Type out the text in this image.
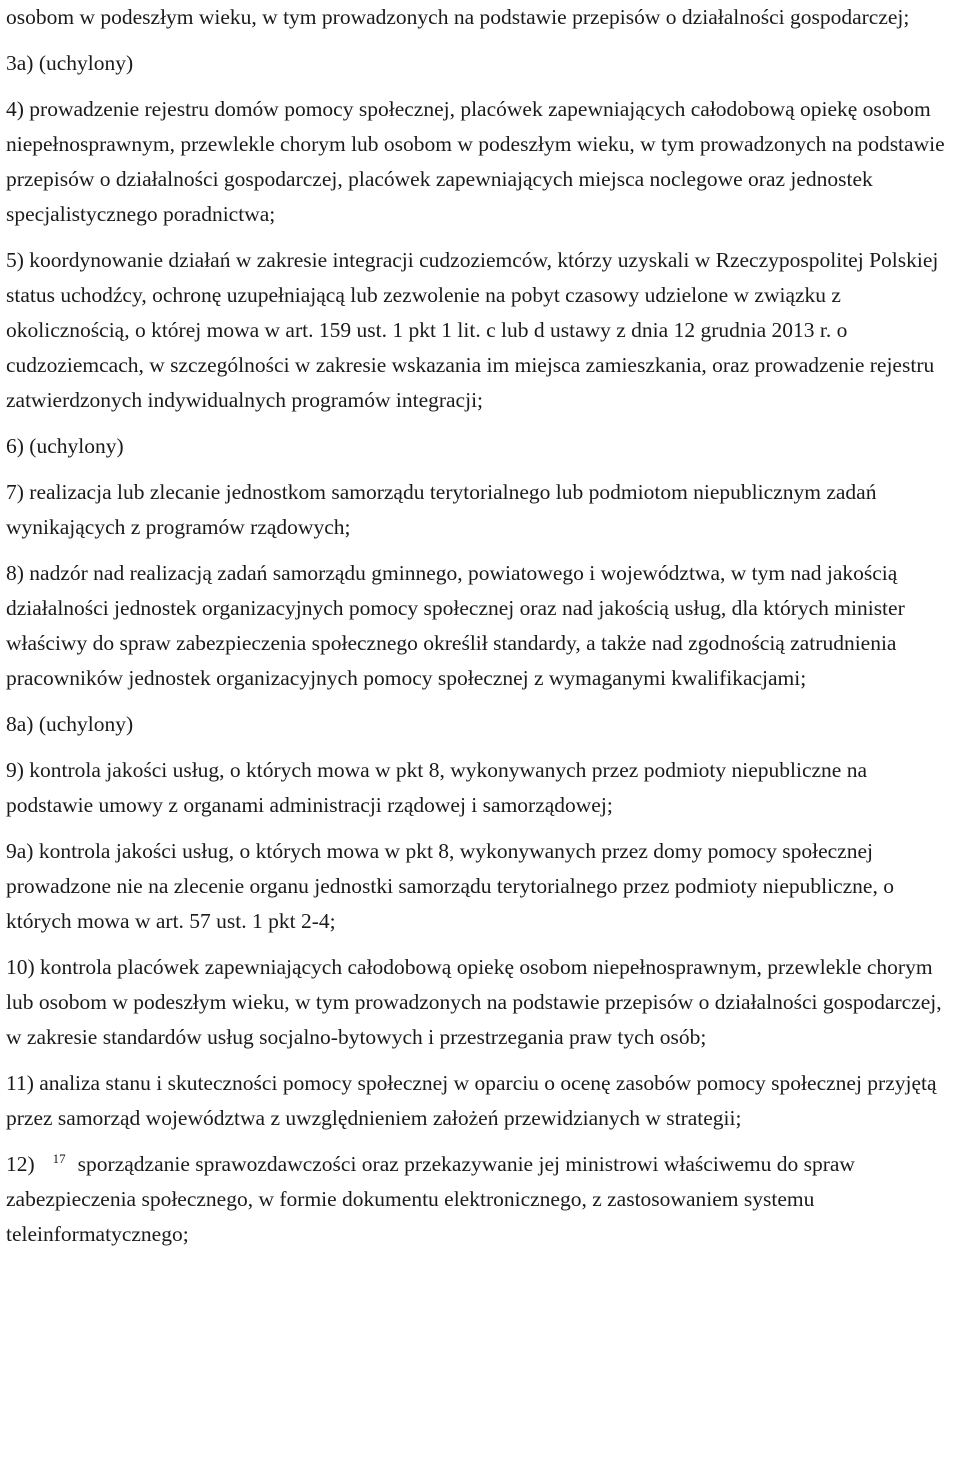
osobom w podeszłym wieku, w tym prowadzonych na podstawie przepisów o działalności gospodarczej;

3a) (uchylony)

4) prowadzenie rejestru domów pomocy społecznej, placówek zapewniających całodobową opiekę osobom niepełnosprawnym, przewlekle chorym lub osobom w podeszłym wieku, w tym prowadzonych na podstawie przepisów o działalności gospodarczej, placówek zapewniających miejsca noclegowe oraz jednostek specjalistycznego poradnictwa;

5) koordynowanie działań w zakresie integracji cudzoziemców, którzy uzyskali w Rzeczypospolitej Polskiej status uchodźcy, ochronę uzupełniającą lub zezwolenie na pobyt czasowy udzielone w związku z okolicznością, o której mowa w art. 159 ust. 1 pkt 1 lit. c lub d ustawy z dnia 12 grudnia 2013 r. o cudzoziemcach, w szczególności w zakresie wskazania im miejsca zamieszkania, oraz prowadzenie rejestru zatwierdzonych indywidualnych programów integracji;

6) (uchylony)

7) realizacja lub zlecanie jednostkom samorządu terytorialnego lub podmiotom niepublicznym zadań wynikających z programów rządowych;

8) nadzór nad realizacją zadań samorządu gminnego, powiatowego i województwa, w tym nad jakością działalności jednostek organizacyjnych pomocy społecznej oraz nad jakością usług, dla których minister właściwy do spraw zabezpieczenia społecznego określił standardy, a także nad zgodnością zatrudnienia pracowników jednostek organizacyjnych pomocy społecznej z wymaganymi kwalifikacjami;

8a) (uchylony)

9) kontrola jakości usług, o których mowa w pkt 8, wykonywanych przez podmioty niepubliczne na podstawie umowy z organami administracji rządowej i samorządowej;

9a) kontrola jakości usług, o których mowa w pkt 8, wykonywanych przez domy pomocy społecznej prowadzone nie na zlecenie organu jednostki samorządu terytorialnego przez podmioty niepubliczne, o których mowa w art. 57 ust. 1 pkt 2-4;

10) kontrola placówek zapewniających całodobową opiekę osobom niepełnosprawnym, przewlekle chorym lub osobom w podeszłym wieku, w tym prowadzonych na podstawie przepisów o działalności gospodarczej, w zakresie standardów usług socjalno-bytowych i przestrzegania praw tych osób;

11) analiza stanu i skuteczności pomocy społecznej w oparciu o ocenę zasobów pomocy społecznej przyjętą przez samorząd województwa z uwzględnieniem założeń przewidzianych w strategii;

12) $^{17}$ sporządzanie sprawozdawczości oraz przekazywanie jej ministrowi właściwemu do spraw zabezpieczenia społecznego, w formie dokumentu elektronicznego, z zastosowaniem systemu teleinformatycznego;
